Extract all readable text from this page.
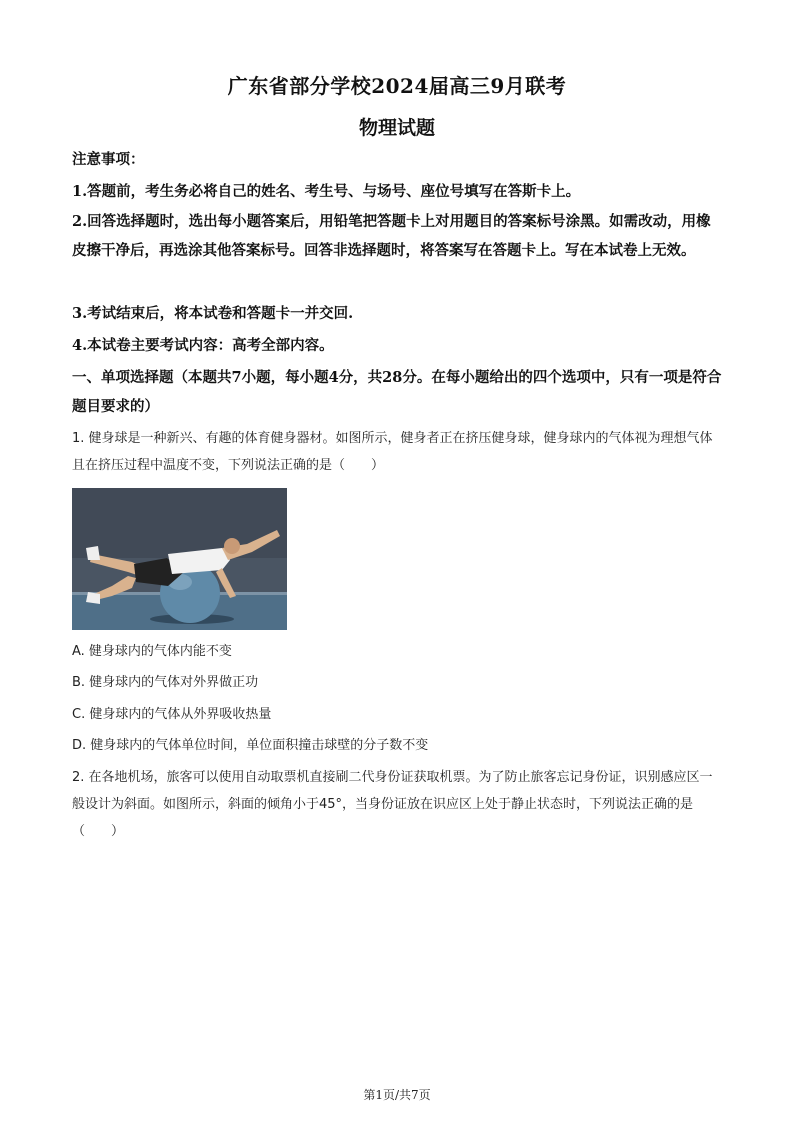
广东省部分学校2024届高三9月联考
物理试题
注意事项：
1.答题前，考生务必将自己的姓名、考生号、与场号、座位号填写在答斯卡上。
2.回答选择题时，选出每小题答案后，用铅笔把答题卡上对用题目的答案标号涂黑。如需改动，用橡皮擦干净后，再选涂其他答案标号。回答非选择题时，将答案写在答题卡上。写在本试卷上无效。
3.考试结束后，将本试卷和答题卡一并交回.
4.本试卷主要考试内容：高考全部内容。
一、单项选择题（本题共7小题，每小题4分，共28分。在每小题给出的四个选项中，只有一项是符合题目要求的）
1. 健身球是一种新兴、有趣的体育健身器材。如图所示，健身者正在挤压健身球，健身球内的气体视为理想气体且在挤压过程中温度不变，下列说法正确的是（　　）
A. 健身球内的气体内能不变
B. 健身球内的气体对外界做正功
C. 健身球内的气体从外界吸收热量
D. 健身球内的气体单位时间，单位面积撞击球壁的分子数不变
2. 在各地机场，旅客可以使用自动取票机直接刷二代身份证获取机票。为了防止旅客忘记身份证，识别感应区一般设计为斜面。如图所示，斜面的倾角小于45°，当身份证放在识应区上处于静止状态时，下列说法正确的是（　　）
第1页/共7页
